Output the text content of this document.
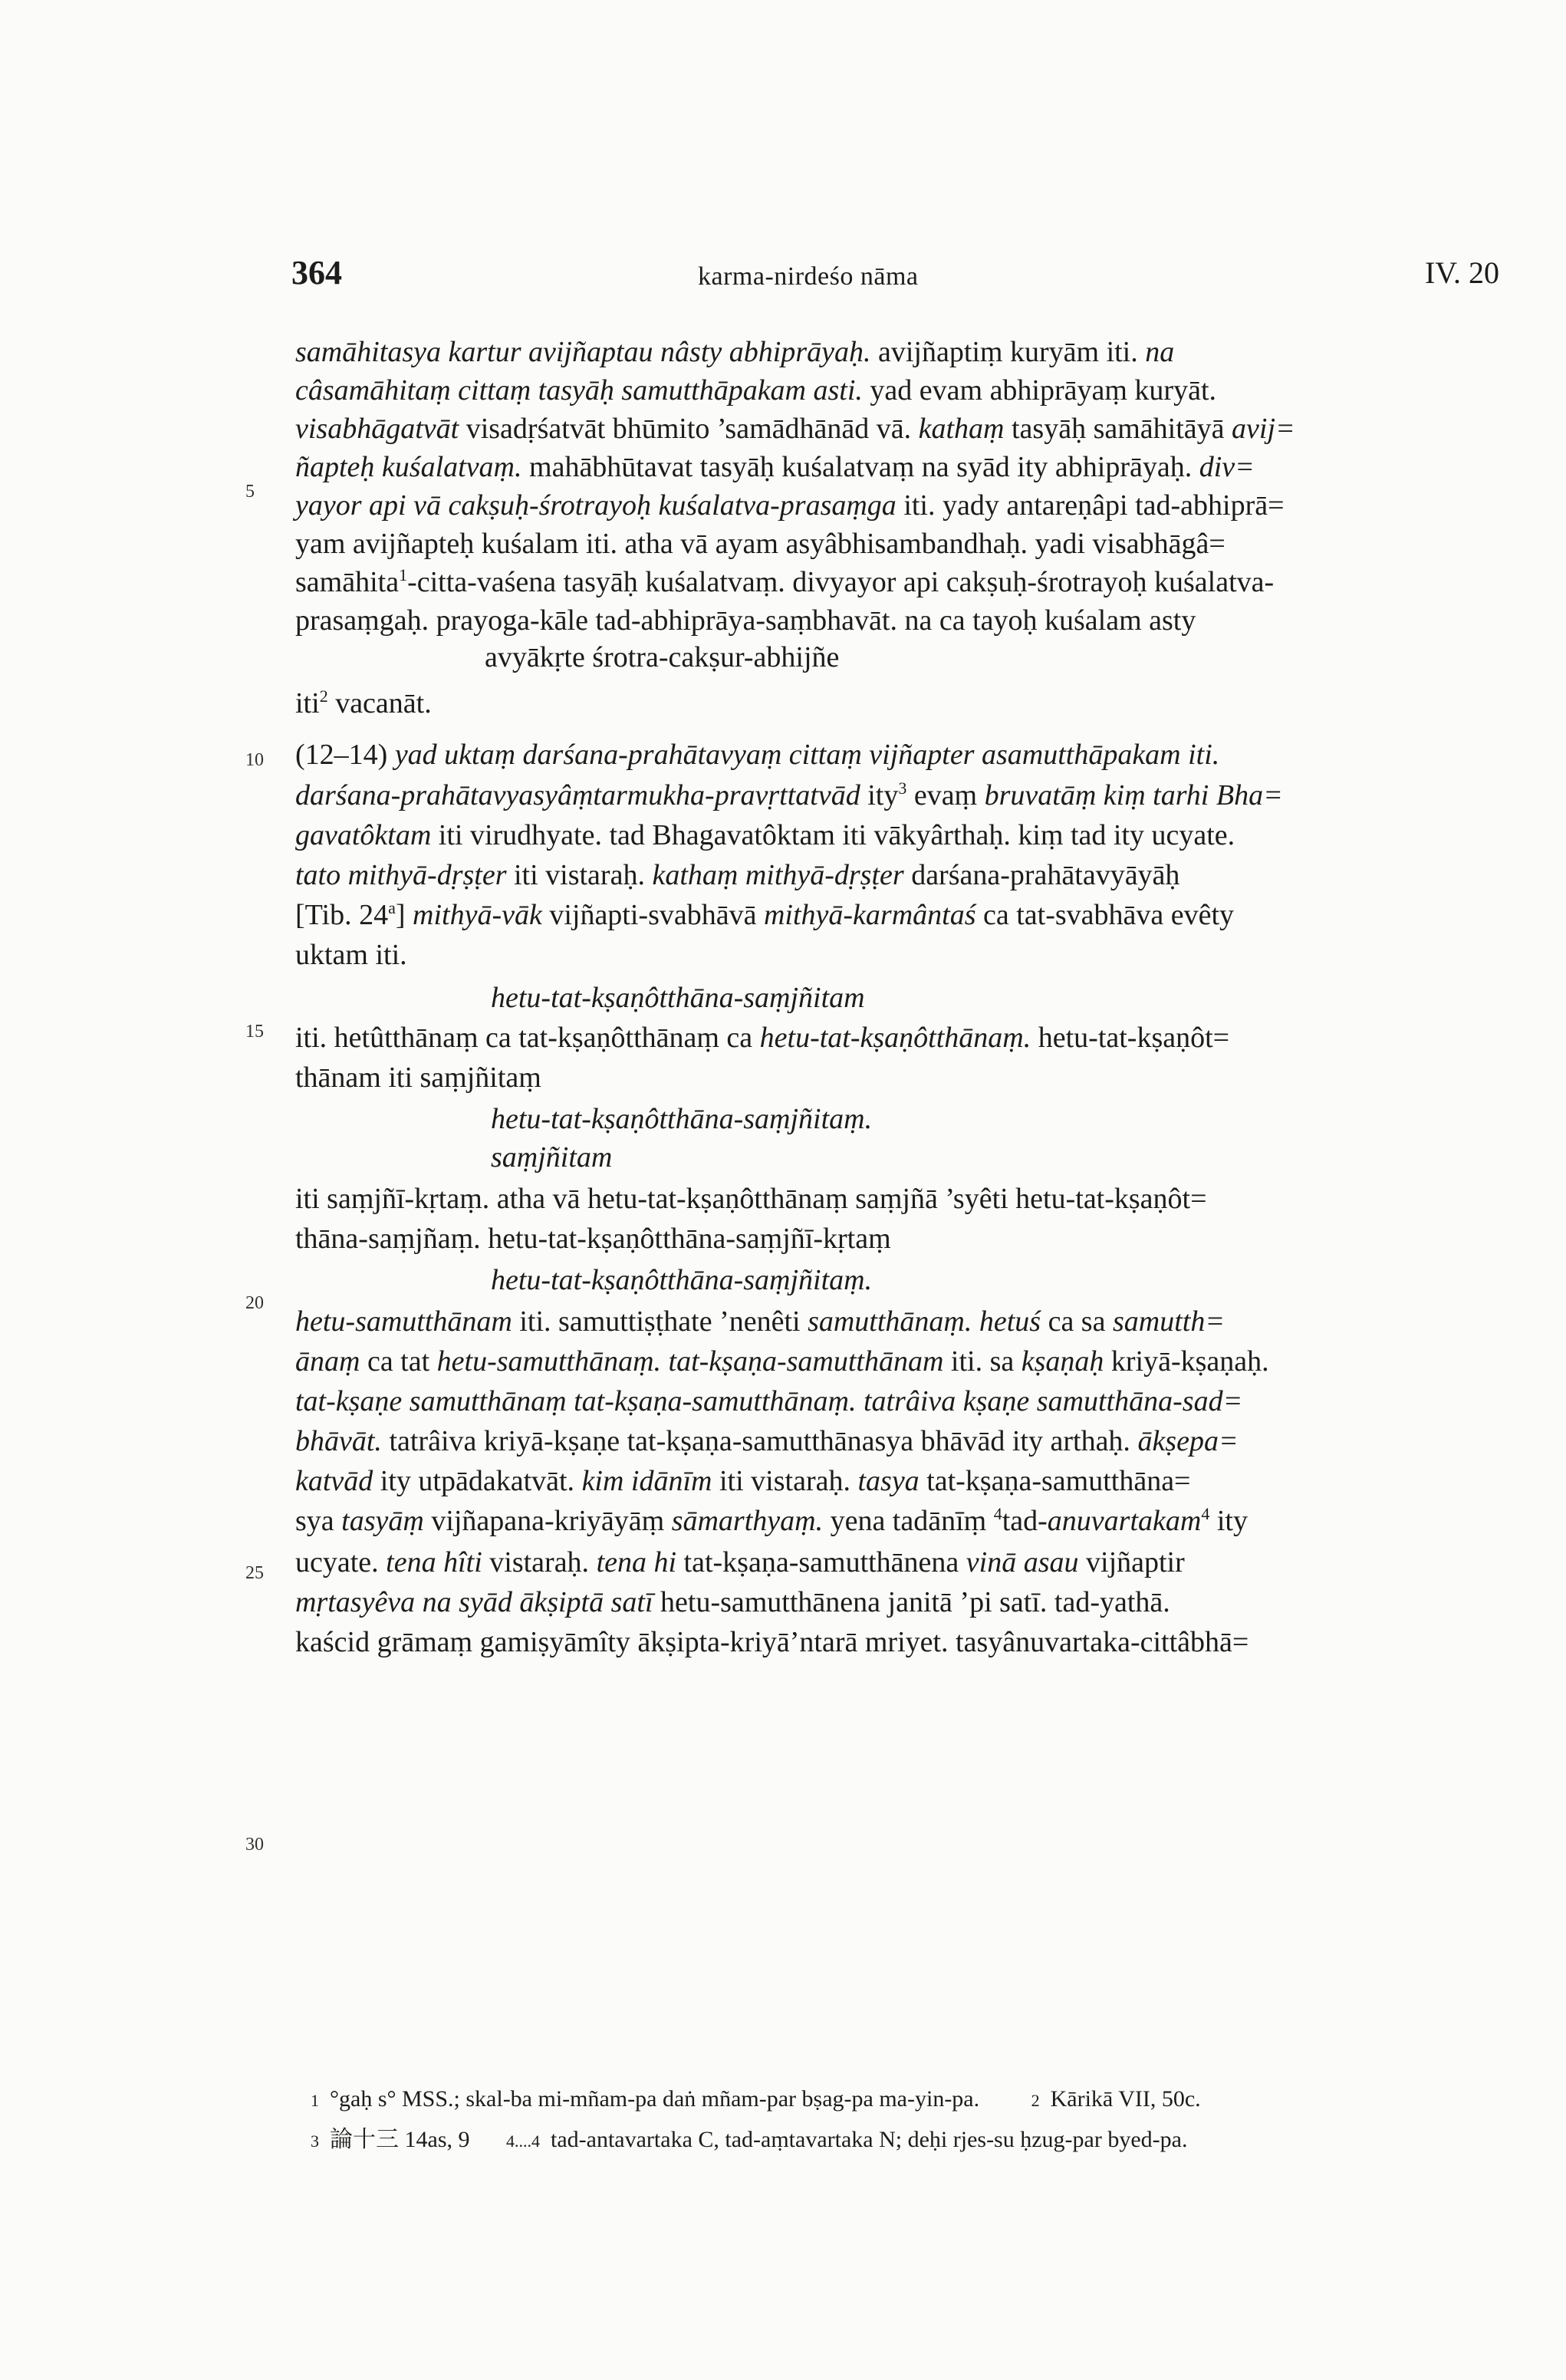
364	karma-nirdeśo nāma	IV. 20
5
10
15
20
25
30
samāhitasya kartur avijñaptau nâsty abhiprāyaḥ. avijñaptiṃ kuryām iti. na
câsamāhitaṃ cittaṃ tasyāḥ samutthāpakam asti. yad evam abhiprāyaṃ kuryāt.
visabhāgatvāt visadṛśatvāt bhūmito ’samādhānād vā. kathaṃ tasyāḥ samāhitāyā avij=
ñapteḥ kuśalatvaṃ. mahābhūtavat tasyāḥ kuśalatvaṃ na syād ity abhiprāyaḥ. div=
yayor api vā cakṣuḥ-śrotrayoḥ kuśalatva-prasaṃga iti. yady antareṇâpi tad-abhiprā=
yam avijñapteḥ kuśalam iti. atha vā ayam asyâbhisambandhaḥ. yadi visabhāgâ=
samāhita$^1$-citta-vaśena tasyāḥ kuśalatvaṃ. divyayor api cakṣuḥ-śrotrayoḥ kuśalatva-
prasaṃgaḥ. prayoga-kāle tad-abhiprāya-saṃbhavāt. na ca tayoḥ kuśalam asty
avyākṛte śrotra-cakṣur-abhijñe
iti$^2$ vacanāt.
(12–14) yad uktaṃ darśana-prahātavyaṃ cittaṃ vijñapter asamutthāpakam iti.
darśana-prahātavyasyâṃtarmukha-pravṛttatvād ity$^3$ evaṃ bruvatāṃ kiṃ tarhi Bha=
gavatôktam iti virudhyate. tad Bhagavatôktam iti vākyârthaḥ. kiṃ tad ity ucyate.
tato mithyā-dṛṣṭer iti vistaraḥ. kathaṃ mithyā-dṛṣṭer darśana-prahātavyāyāḥ
[Tib. 24$^a$] mithyā-vāk vijñapti-svabhāvā mithyā-karmântaś ca tat-svabhāva evêty
uktam iti.
hetu-tat-kṣaṇôtthāna-saṃjñitam
iti. hetûtthānaṃ ca tat-kṣaṇôtthānaṃ ca hetu-tat-kṣaṇôtthānaṃ. hetu-tat-kṣaṇôt=
thānam iti saṃjñitaṃ
hetu-tat-kṣaṇôtthāna-saṃjñitaṃ.
saṃjñitam
iti saṃjñī-kṛtaṃ. atha vā hetu-tat-kṣaṇôtthānaṃ saṃjñā ’syêti hetu-tat-kṣaṇôt=
thāna-saṃjñaṃ. hetu-tat-kṣaṇôtthāna-saṃjñī-kṛtaṃ
hetu-tat-kṣaṇôtthāna-saṃjñitaṃ.
hetu-samutthānam iti. samuttiṣṭhate ’nenêti samutthānaṃ. hetuś ca sa samutth=
ānaṃ ca tat hetu-samutthānaṃ. tat-kṣaṇa-samutthānam iti. sa kṣaṇaḥ kriyā-kṣaṇaḥ.
tat-kṣaṇe samutthānaṃ tat-kṣaṇa-samutthānaṃ. tatrâiva kṣaṇe samutthāna-sad=
bhāvāt. tatrâiva kriyā-kṣaṇe tat-kṣaṇa-samutthānasya bhāvād ity arthaḥ. ākṣepa=
katvād ity utpādakatvāt. kim idānīm iti vistaraḥ. tasya tat-kṣaṇa-samutthāna=
sya tasyāṃ vijñapana-kriyāyāṃ sāmarthyaṃ. yena tadānīṃ $^4$tad-anuvartakam$^4$ ity
ucyate. tena hîti vistaraḥ. tena hi tat-kṣaṇa-samutthānena vinā asau vijñaptir
mṛtasyêva na syād ākṣiptā satī hetu-samutthānena janitā ’pi satī. tad-yathā.
kaścid grāmaṃ gamiṣyāmîty ākṣipta-kriyā’ntarā mriyet. tasyânuvartaka-cittâbhā=
1 °gaḥ s° MSS.; skal-ba mi-mñam-pa daṅ mñam-par bṣag-pa ma-yin-pa.	2 Kārikā VII, 50c.
3 論十三 14as, 9 4....4 tad-antavartaka C, tad-aṃtavartaka N; deḥi rjes-su ḥzug-par byed-pa.
